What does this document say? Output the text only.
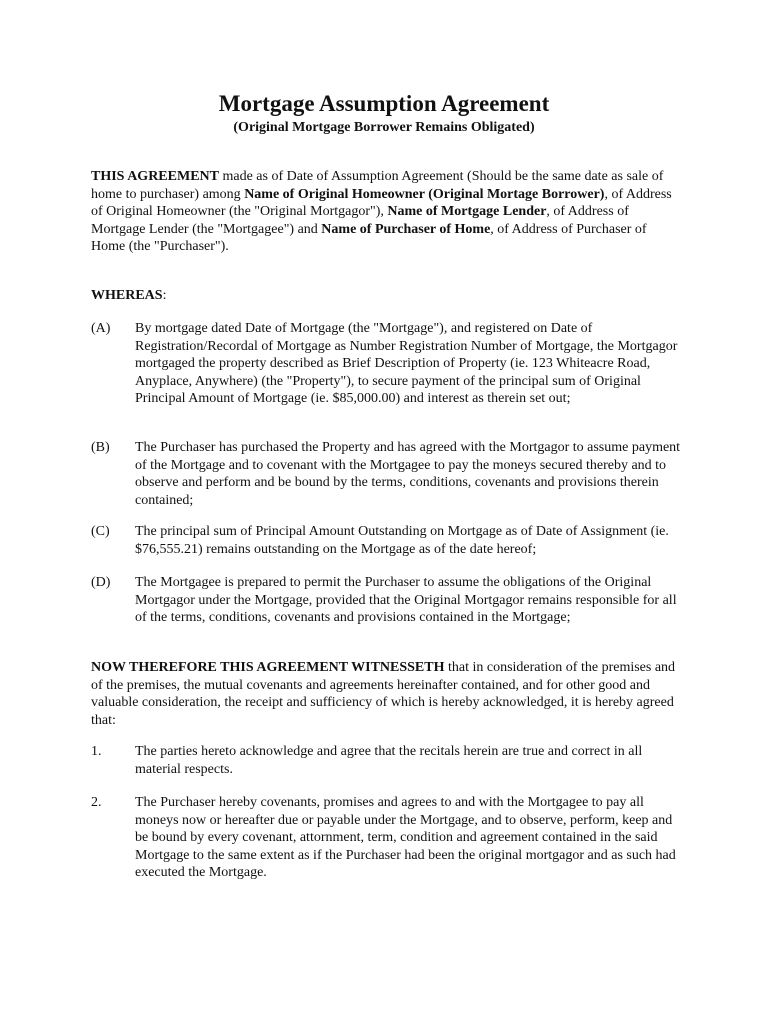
Mortgage Assumption Agreement
(Original Mortgage Borrower Remains Obligated)

THIS AGREEMENT made as of Date of Assumption Agreement (Should be the same date as sale of home to purchaser) among Name of Original Homeowner (Original Mortage Borrower), of Address of Original Homeowner (the "Original Mortgagor"), Name of Mortgage Lender, of Address of Mortgage Lender (the "Mortgagee") and Name of Purchaser of Home, of Address of Purchaser of Home (the "Purchaser").

WHEREAS:

(A) By mortgage dated Date of Mortgage (the "Mortgage"), and registered on Date of Registration/Recordal of Mortgage as Number Registration Number of Mortgage, the Mortgagor mortgaged the property described as Brief Description of Property (ie. 123 Whiteacre Road, Anyplace, Anywhere) (the "Property"), to secure payment of the principal sum of Original Principal Amount of Mortgage (ie. $85,000.00) and interest as therein set out;
(B) The Purchaser has purchased the Property and has agreed with the Mortgagor to assume payment of the Mortgage and to covenant with the Mortgagee to pay the moneys secured thereby and to observe and perform and be bound by the terms, conditions, covenants and provisions therein contained;
(C) The principal sum of Principal Amount Outstanding on Mortgage as of Date of Assignment (ie. $76,555.21) remains outstanding on the Mortgage as of the date hereof;
(D) The Mortgagee is prepared to permit the Purchaser to assume the obligations of the Original Mortgagor under the Mortgage, provided that the Original Mortgagor remains responsible for all of the terms, conditions, covenants and provisions contained in the Mortgage;

NOW THEREFORE THIS AGREEMENT WITNESSETH that in consideration of the premises and of the premises, the mutual covenants and agreements hereinafter contained, and for other good and valuable consideration, the receipt and sufficiency of which is hereby acknowledged, it is hereby agreed that:

1. The parties hereto acknowledge and agree that the recitals herein are true and correct in all material respects.
2. The Purchaser hereby covenants, promises and agrees to and with the Mortgagee to pay all moneys now or hereafter due or payable under the Mortgage, and to observe, perform, keep and be bound by every covenant, attornment, term, condition and agreement contained in the said Mortgage to the same extent as if the Purchaser had been the original mortgagor and as such had executed the Mortgage.
